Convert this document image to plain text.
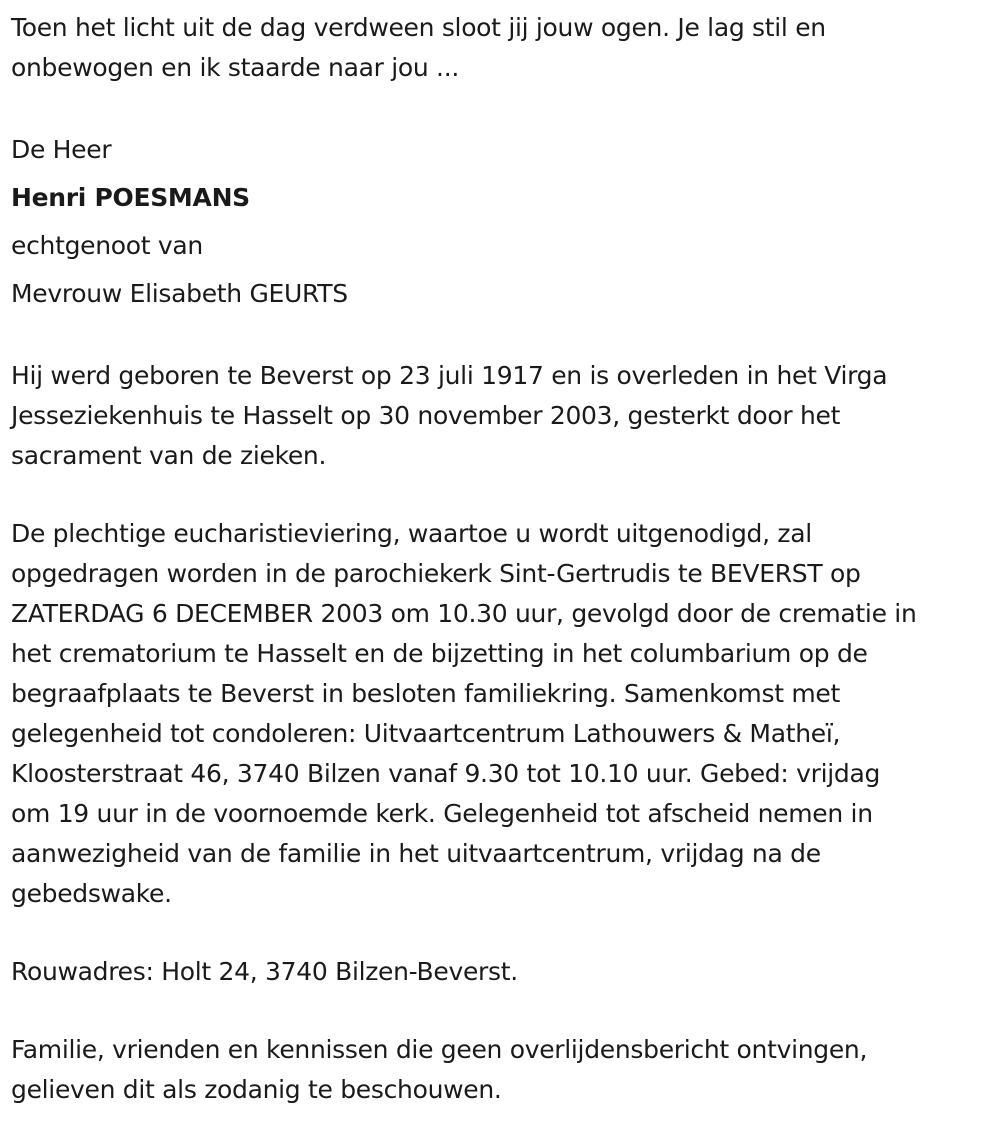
Toen het licht uit de dag verdween sloot jij jouw ogen. Je lag stil en
onbewogen en ik staarde naar jou ...

De Heer
Henri POESMANS
echtgenoot van
Mevrouw Elisabeth GEURTS

Hij werd geboren te Beverst op 23 juli 1917 en is overleden in het Virga
Jesseziekenhuis te Hasselt op 30 november 2003, gesterkt door het
sacrament van de zieken.

De plechtige eucharistieviering, waartoe u wordt uitgenodigd, zal
opgedragen worden in de parochiekerk Sint-Gertrudis te BEVERST op
ZATERDAG 6 DECEMBER 2003 om 10.30 uur, gevolgd door de crematie in
het crematorium te Hasselt en de bijzetting in het columbarium op de
begraafplaats te Beverst in besloten familiekring. Samenkomst met
gelegenheid tot condoleren: Uitvaartcentrum Lathouwers & Matheï,
Kloosterstraat 46, 3740 Bilzen vanaf 9.30 tot 10.10 uur. Gebed: vrijdag
om 19 uur in de voornoemde kerk. Gelegenheid tot afscheid nemen in
aanwezigheid van de familie in het uitvaartcentrum, vrijdag na de
gebedswake.

Rouwadres: Holt 24, 3740 Bilzen-Beverst.

Familie, vrienden en kennissen die geen overlijdensbericht ontvingen,
gelieven dit als zodanig te beschouwen.
